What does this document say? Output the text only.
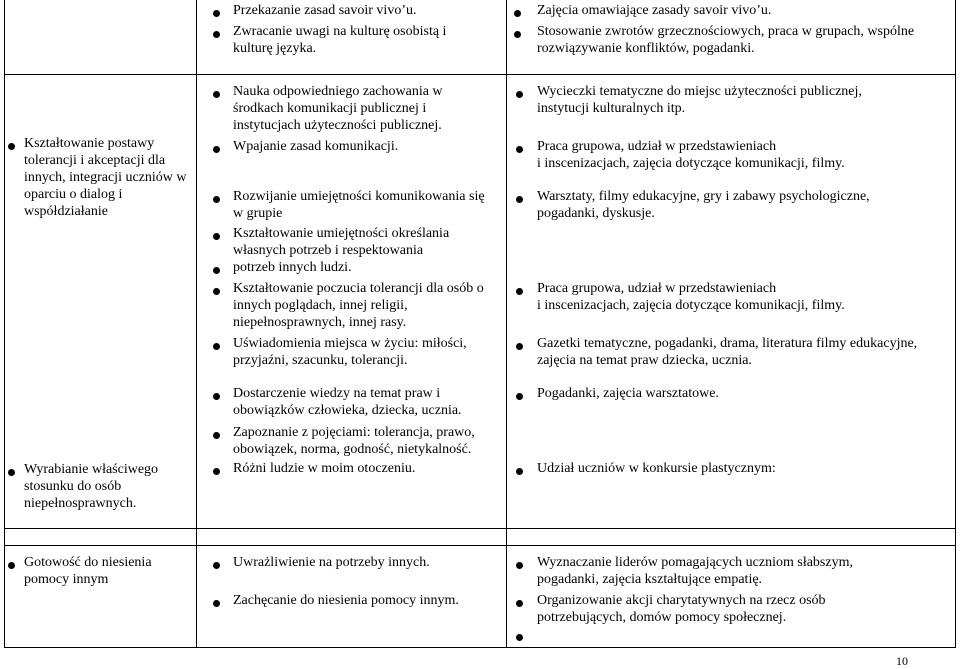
Przekazanie zasad savoir vivo’u.
Zwracanie uwagi na kulturę osobistą i
kulturę języka.
Zajęcia omawiające zasady savoir vivo’u.
Stosowanie zwrotów grzecznościowych, praca w grupach, wspólne
rozwiązywanie konfliktów, pogadanki.
Kształtowanie postawy
tolerancji i akceptacji dla
innych, integracji uczniów w
oparciu o dialog i
współdziałanie
Wyrabianie właściwego
stosunku do osób
niepełnosprawnych.
Nauka odpowiedniego zachowania w
środkach komunikacji publicznej i
instytucjach użyteczności publicznej.
Wpajanie zasad komunikacji.
Rozwijanie umiejętności komunikowania się
w grupie
Kształtowanie umiejętności określania
własnych potrzeb i respektowania
potrzeb innych ludzi.
Kształtowanie poczucia tolerancji dla osób o
innych poglądach, innej religii,
niepełnosprawnych, innej rasy.
Uświadomienia miejsca w życiu: miłości,
przyjaźni, szacunku, tolerancji.
Dostarczenie wiedzy na temat praw i
obowiązków człowieka, dziecka, ucznia.
Zapoznanie z pojęciami: tolerancja, prawo,
obowiązek, norma, godność, nietykalność.
Różni ludzie w moim otoczeniu.
Wycieczki tematyczne do miejsc użyteczności publicznej,
instytucji kulturalnych itp.
Praca grupowa, udział w przedstawieniach
i inscenizacjach, zajęcia dotyczące komunikacji, filmy.
Warsztaty, filmy edukacyjne, gry i zabawy psychologiczne,
pogadanki, dyskusje.
Praca grupowa, udział w przedstawieniach
i inscenizacjach, zajęcia dotyczące komunikacji, filmy.
Gazetki tematyczne, pogadanki, drama, literatura filmy edukacyjne,
zajęcia na temat praw dziecka, ucznia.
Pogadanki, zajęcia warsztatowe.
Udział uczniów w konkursie plastycznym:
Gotowość do niesienia
pomocy innym
Uwrażliwienie na potrzeby innych.
Zachęcanie do niesienia pomocy innym.
Wyznaczanie liderów pomagających uczniom słabszym,
pogadanki, zajęcia kształtujące empatię.
Organizowanie akcji charytatywnych na rzecz osób
potrzebujących, domów pomocy społecznej.
10
